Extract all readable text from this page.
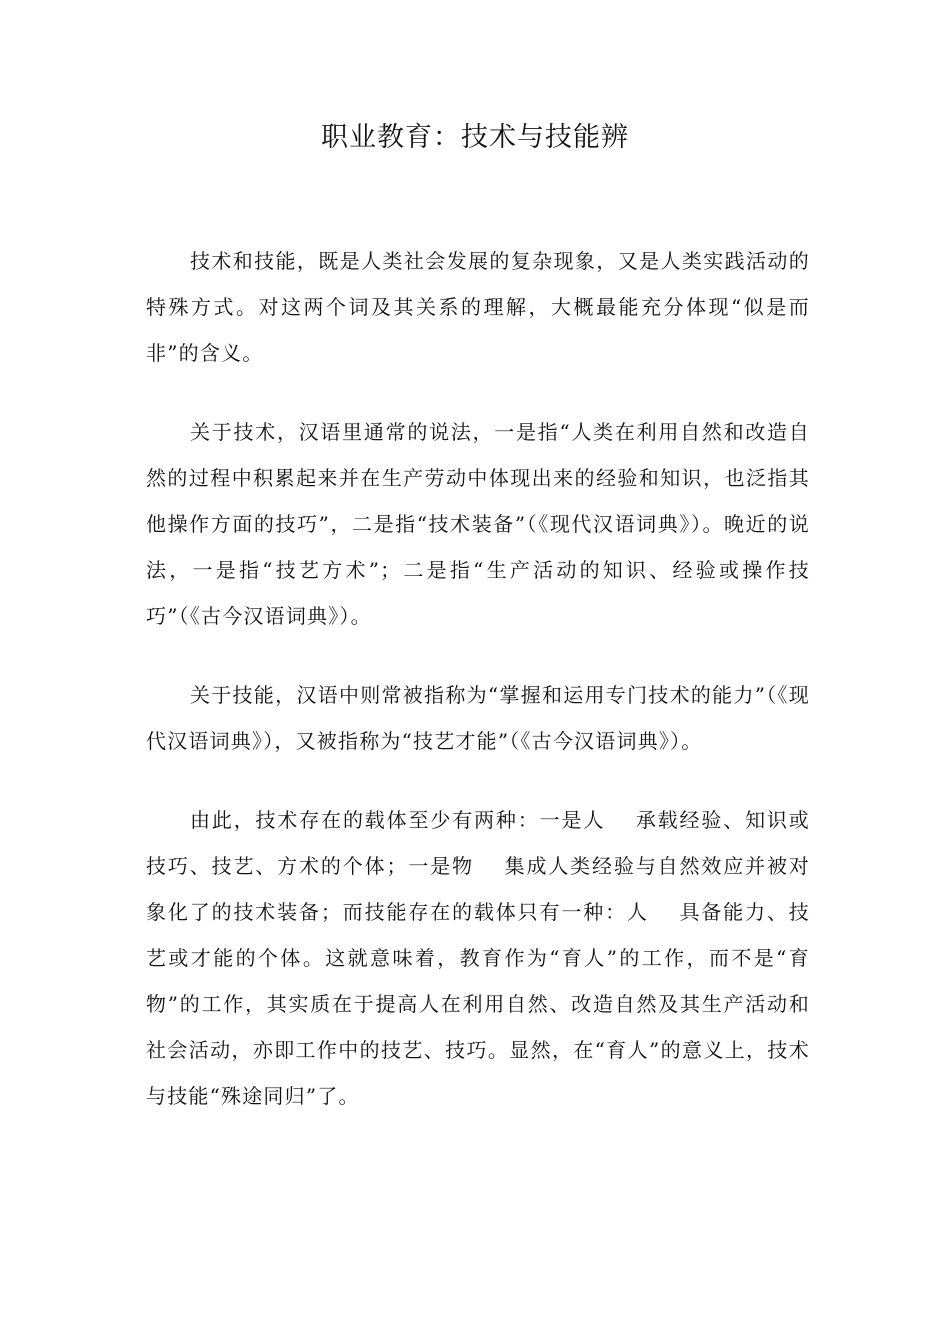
职业教育：技术与技能辨

技术和技能，既是人类社会发展的复杂现象，又是人类实践活动的特殊方式。对这两个词及其关系的理解，大概最能充分体现“似是而非”的含义。

关于技术，汉语里通常的说法，一是指“人类在利用自然和改造自然的过程中积累起来并在生产劳动中体现出来的经验和知识，也泛指其他操作方面的技巧”，二是指“技术装备”（《现代汉语词典》）。晚近的说法，一是指“技艺方术”；二是指“生产活动的知识、经验或操作技巧”（《古今汉语词典》）。

关于技能，汉语中则常被指称为“掌握和运用专门技术的能力”（《现代汉语词典》），又被指称为“技艺才能”（《古今汉语词典》）。

由此，技术存在的载体至少有两种：一是人 承载经验、知识或技巧、技艺、方术的个体；一是物 集成人类经验与自然效应并被对象化了的技术装备；而技能存在的载体只有一种：人 具备能力、技艺或才能的个体。这就意味着，教育作为“育人”的工作，而不是“育物”的工作，其实质在于提高人在利用自然、改造自然及其生产活动和社会活动，亦即工作中的技艺、技巧。显然，在“育人”的意义上，技术与技能“殊途同归”了。
